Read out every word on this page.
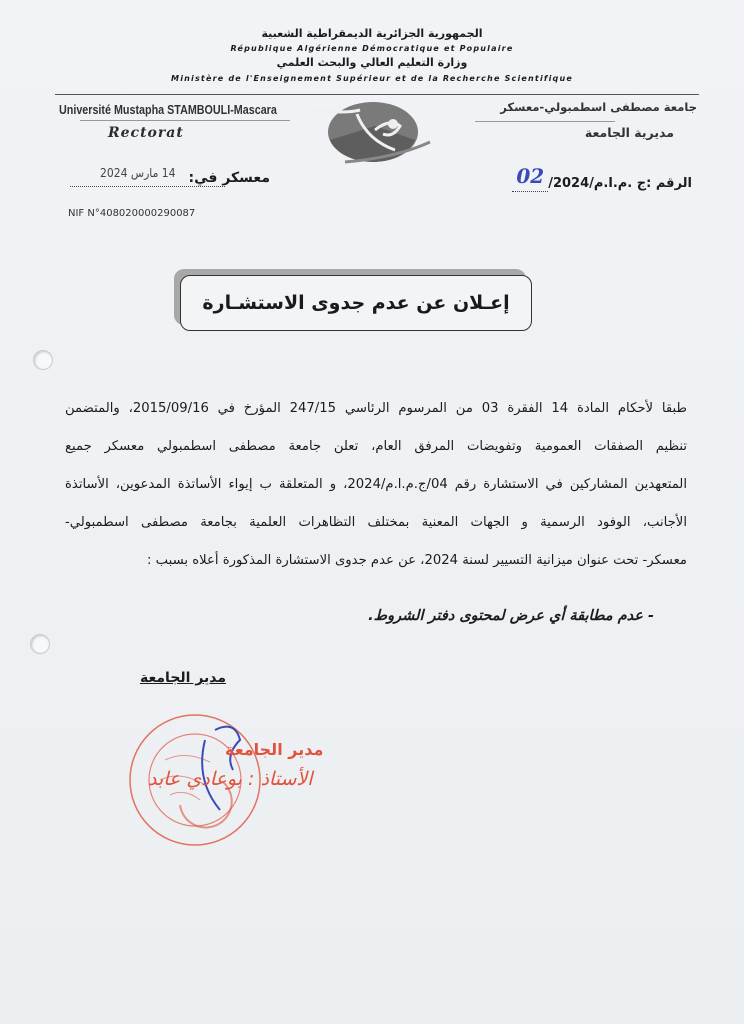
الجمهورية الجزائرية الديمقراطية الشعبية
République Algérienne Démocratique et Populaire
وزارة التعليم العالي والبحث العلمي
Ministère de l'Enseignement Supérieur et de la Recherche Scientifique
Université Mustapha STAMBOULI-Mascara
Rectorat
جامعة مصطفى اسطمبولي-معسكر
مديرية الجامعة
14 مارس 2024 معسكر في:	الرقم :02 /ج .م.ا.م/2024
NIF N°408020000290087
إعـلان عن عدم جدوى الاستشـارة

طبقا لأحكام المادة 14 الفقرة 03 من المرسوم الرئاسي 247/15 المؤرخ في 2015/09/16، والمتضمن

تنظيم الصفقات العمومية وتفويضات المرفق العام، تعلن جامعة مصطفى اسطمبولي معسكر جميع

المتعهدين المشاركين في الاستشارة رقم 04/ج.م.ا.م/2024، و المتعلقة ب إيواء الأساتذة المدعوين، الأساتذة

الأجانب، الوفود الرسمية و الجهات المعنية بمختلف التظاهرات العلمية بجامعة مصطفى اسطمبولي-

معسكر- تحت عنوان ميزانية التسيير لسنة 2024، عن عدم جدوى الاستشارة المذكورة أعلاه بسبب :

- عدم مطابقة أي عرض لمحتوى دفتر الشروط.
مدير الجامعة
مدير الجامعة
الأستاذ : بوعادي عابد
